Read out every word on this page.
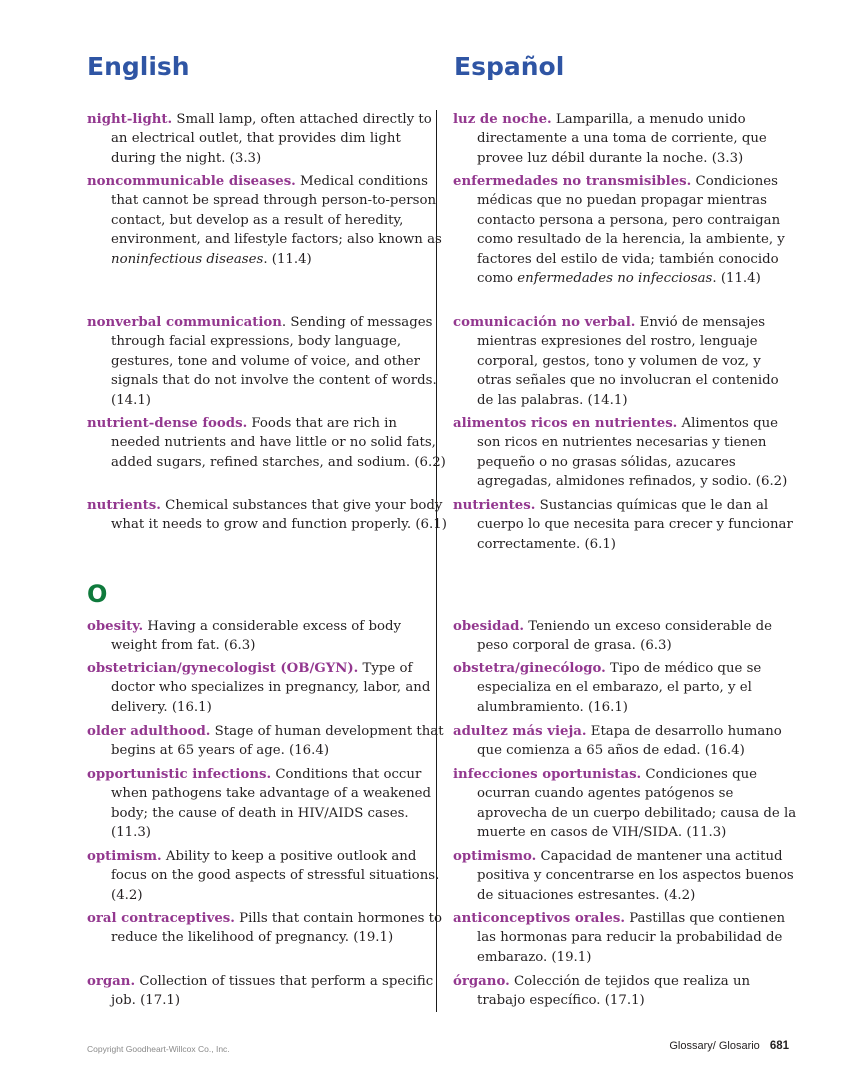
English	Español
night-light. Small lamp, often attached directly to an electrical outlet, that provides dim light during the night. (3.3)
noncommunicable diseases. Medical conditions that cannot be spread through person-to-person contact, but develop as a result of heredity, environment, and lifestyle factors; also known as noninfectious diseases. (11.4)
nonverbal communication. Sending of messages through facial expressions, body language, gestures, tone and volume of voice, and other signals that do not involve the content of words. (14.1)
nutrient-dense foods. Foods that are rich in needed nutrients and have little or no solid fats, added sugars, refined starches, and sodium. (6.2)
nutrients. Chemical substances that give your body what it needs to grow and function properly. (6.1)
O
obesity. Having a considerable excess of body weight from fat. (6.3)
obstetrician/gynecologist (OB/GYN). Type of doctor who specializes in pregnancy, labor, and delivery. (16.1)
older adulthood. Stage of human development that begins at 65 years of age. (16.4)
opportunistic infections. Conditions that occur when pathogens take advantage of a weakened body; the cause of death in HIV/AIDS cases. (11.3)
optimism. Ability to keep a positive outlook and focus on the good aspects of stressful situations. (4.2)
oral contraceptives. Pills that contain hormones to reduce the likelihood of pregnancy. (19.1)
organ. Collection of tissues that perform a specific job. (17.1)
luz de noche. Lamparilla, a menudo unido directamente a una toma de corriente, que provee luz débil durante la noche. (3.3)
enfermedades no transmisibles. Condiciones médicas que no puedan propagar mientras contacto persona a persona, pero contraigan como resultado de la herencia, la ambiente, y factores del estilo de vida; también conocido como enfermedades no infecciosas. (11.4)
comunicación no verbal. Envió de mensajes mientras expresiones del rostro, lenguaje corporal, gestos, tono y volumen de voz, y otras señales que no involucran el contenido de las palabras. (14.1)
alimentos ricos en nutrientes. Alimentos que son ricos en nutrientes necesarias y tienen pequeño o no grasas sólidas, azucares agregadas, almidones refinados, y sodio. (6.2)
nutrientes. Sustancias químicas que le dan al cuerpo lo que necesita para crecer y funcionar correctamente. (6.1)
obesidad. Teniendo un exceso considerable de peso corporal de grasa. (6.3)
obstetra/ginecólogo. Tipo de médico que se especializa en el embarazo, el parto, y el alumbramiento. (16.1)
adultez más vieja. Etapa de desarrollo humano que comienza a 65 años de edad. (16.4)
infecciones oportunistas. Condiciones que ocurran cuando agentes patógenos se aprovecha de un cuerpo debilitado; causa de la muerte en casos de VIH/SIDA. (11.3)
optimismo. Capacidad de mantener una actitud positiva y concentrarse en los aspectos buenos de situaciones estresantes. (4.2)
anticonceptivos orales. Pastillas que contienen las hormonas para reducir la probabilidad de embarazo. (19.1)
órgano. Colección de tejidos que realiza un trabajo específico. (17.1)
Copyright Goodheart-Willcox Co., Inc.	Glossary/ Glosario 681
